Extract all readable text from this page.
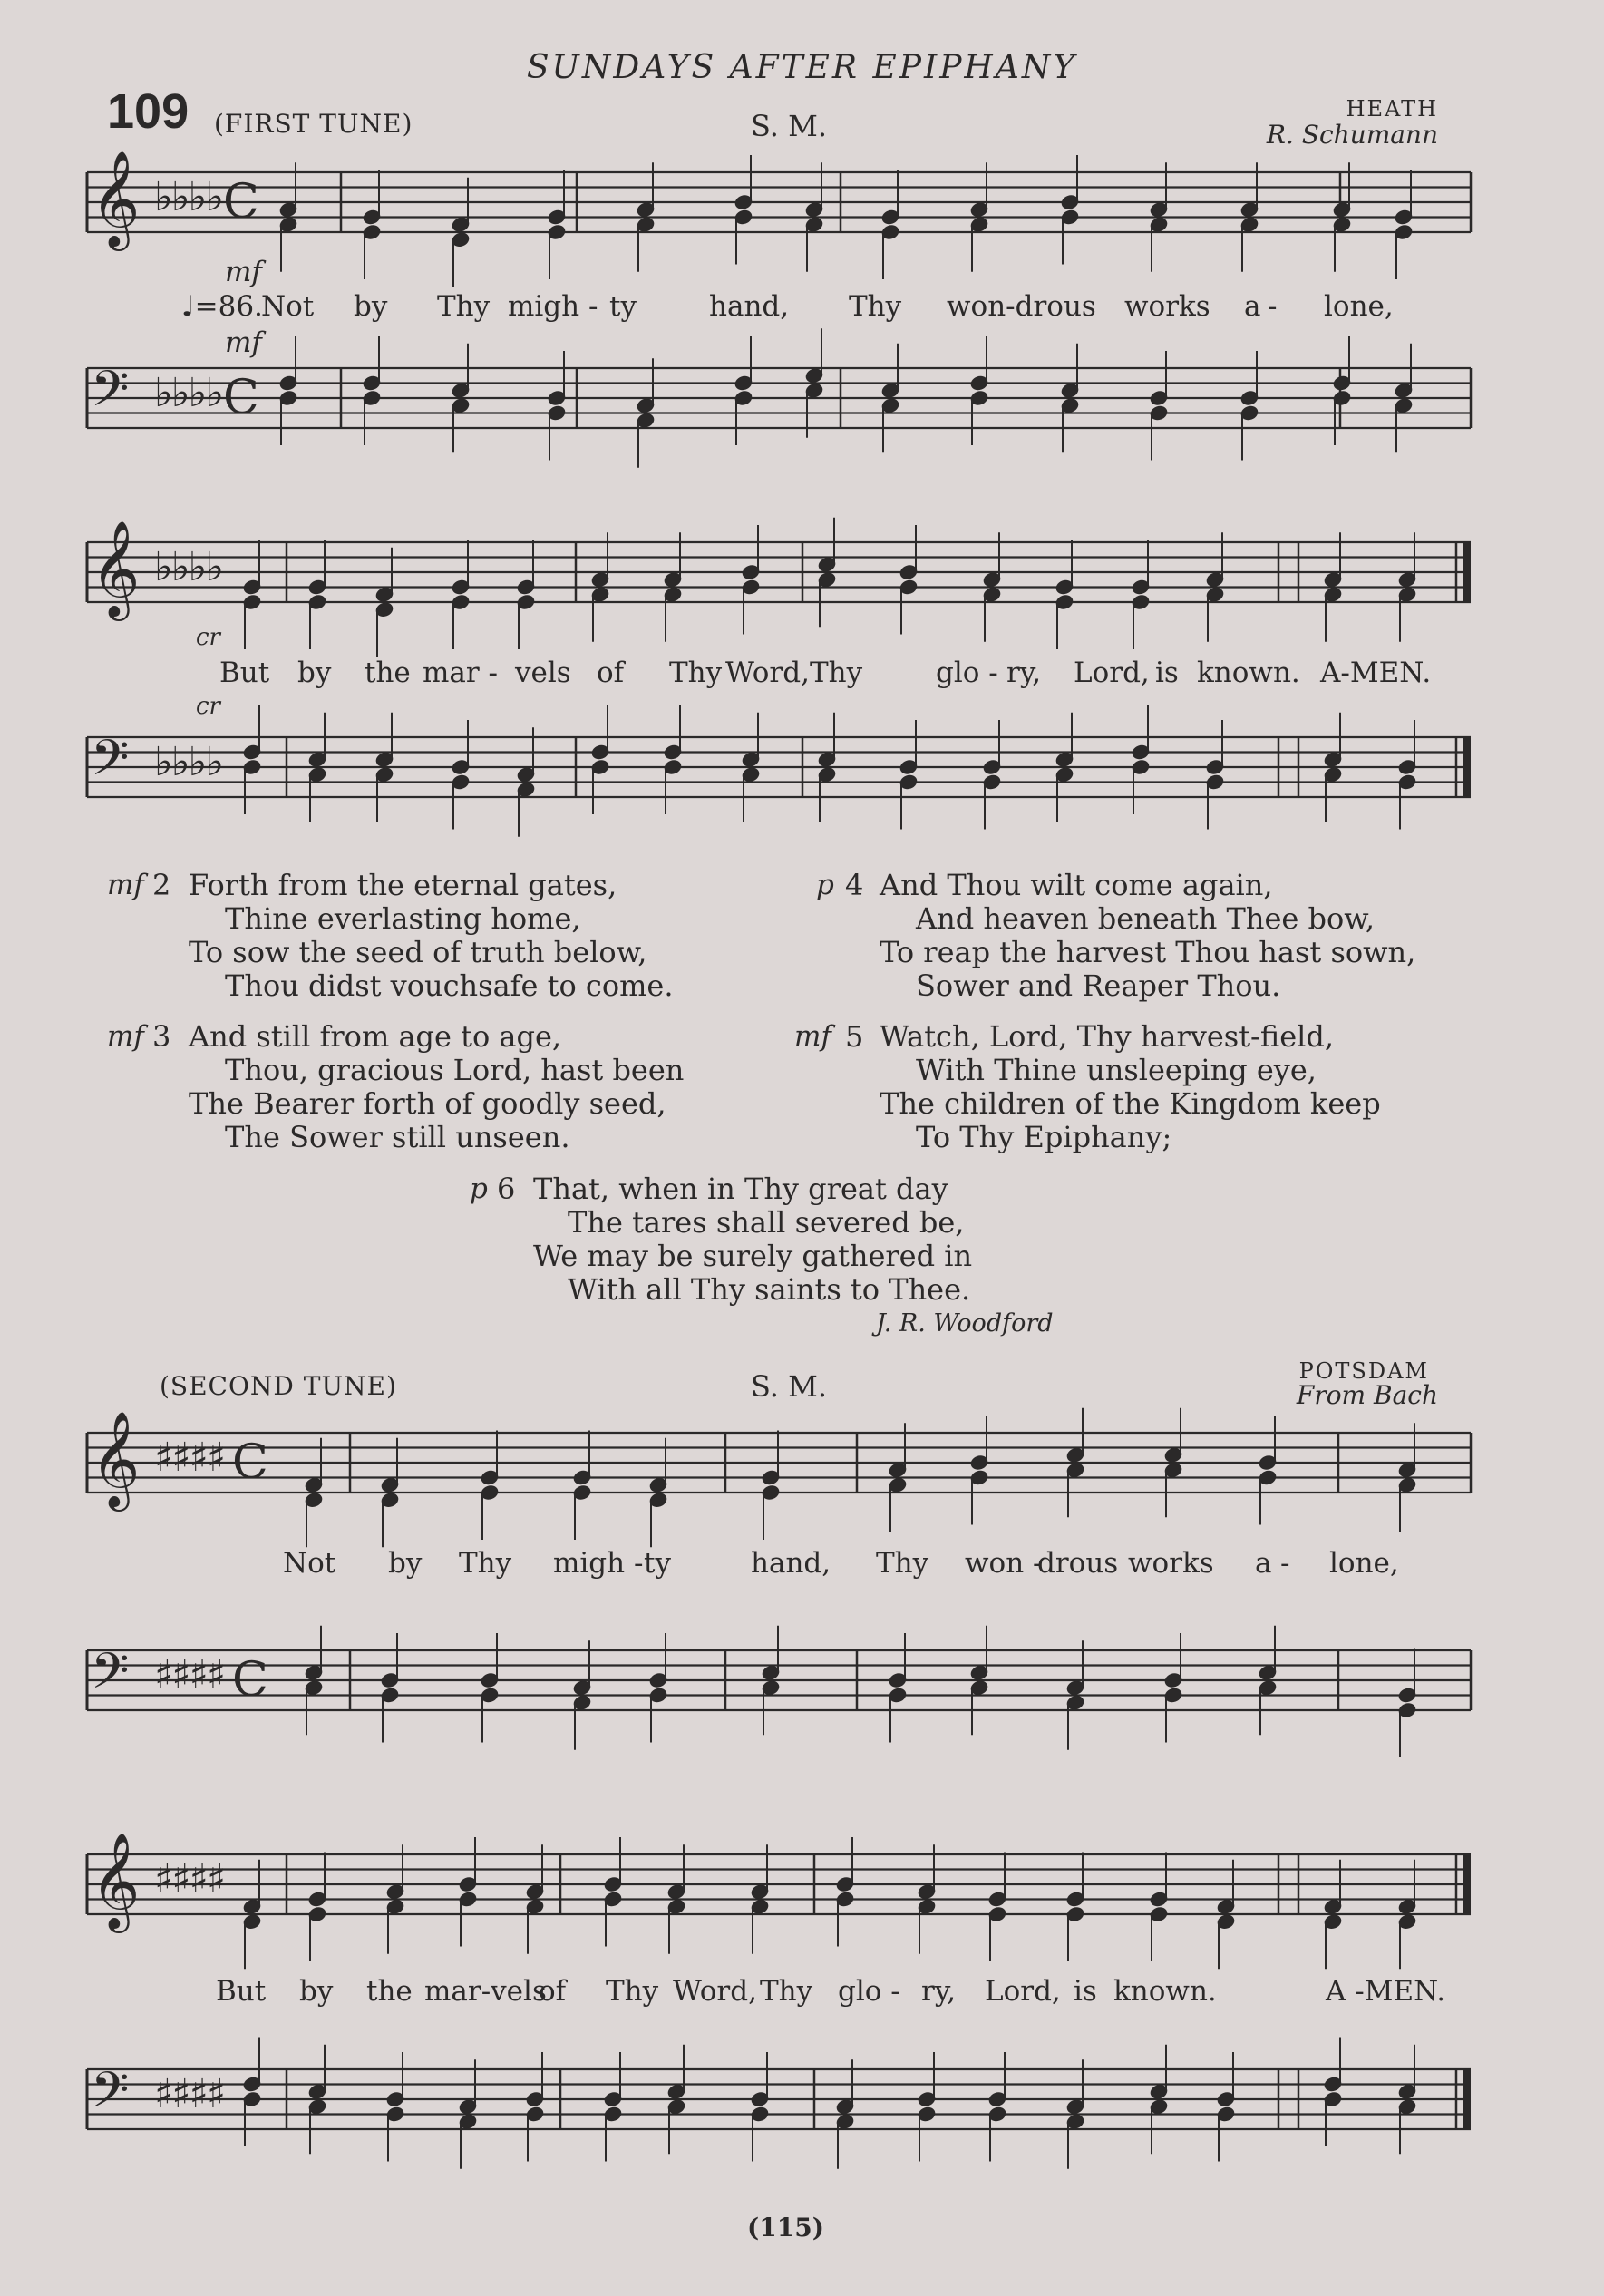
SUNDAYS AFTER EPIPHANY
109 (FIRST TUNE)	S. M.	HEATH
R. Schumann
𝄞 ♭♭♭♭ C
𝄢 ♭♭♭♭ C
𝄞 ♭♭♭♭
𝄢 ♭♭♭♭
𝄞 ♯♯♯♯ C
𝄢 ♯♯♯♯ C
𝄞 ♯♯♯♯
𝄢 ♯♯♯♯
♩=86.
mf
mf
cr
cr
Not by Thy migh - ty	hand, Thy won-drous works a - lone,
But by the mar - vels of Thy Word,Thy	glo - ry, Lord, is known. A-MEN.
mf 2 Forth from the eternal gates,
Thine everlasting home,
To sow the seed of truth below,
Thou didst vouchsafe to come.
mf 3 And still from age to age,
Thou, gracious Lord, hast been
The Bearer forth of goodly seed,
The Sower still unseen.
p 4 And Thou wilt come again,
And heaven beneath Thee bow,
To reap the harvest Thou hast sown,
Sower and Reaper Thou.
mf 5 Watch, Lord, Thy harvest-field,
With Thine unsleeping eye,
The children of the Kingdom keep
To Thy Epiphany;
p 6 That, when in Thy great day
The tares shall severed be,
We may be surely gathered in
With all Thy saints to Thee.
J. R. Woodford
(SECOND TUNE)	S. M.	POTSDAM
From Bach
Not by Thy migh - ty	hand, Thy won -
drous works a - lone,
But by the mar-vels
of Thy Word, Thy glo - ry, Lord, is known.	A -MEN.
(115)
